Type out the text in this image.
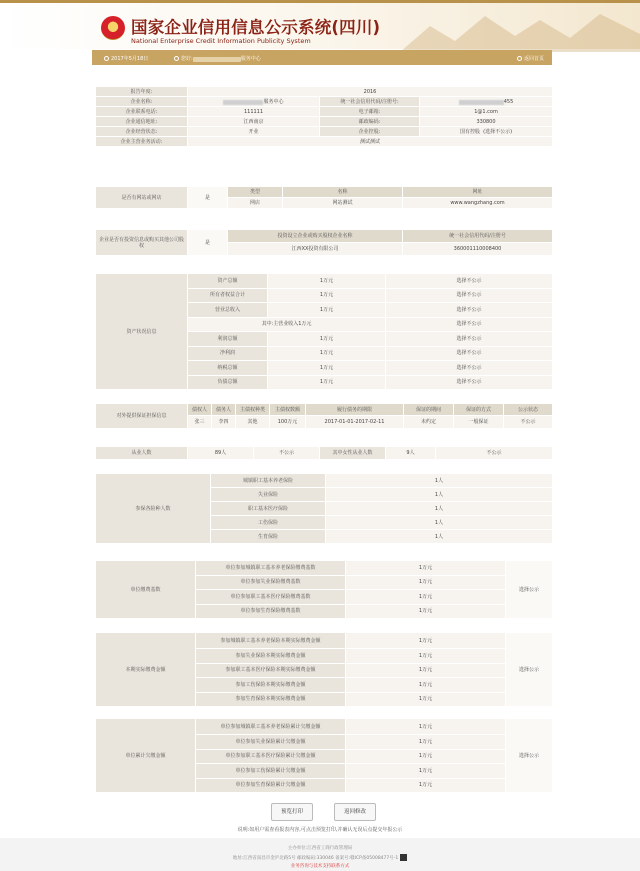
国家企业信用信息公示系统(四川)
National Enterprise Credit Information Publicity System
2017年5月18日	您好:	服务中心	返回首页
报告年度:	2016		
企业名称:	服务中心	统一社会信用代码/注册号:	455
企业联系电话:	111111	电子邮箱:	1@1.com
企业通信地址:	江西南京	邮政编码:	330800
企业经营状态:	开业	企业控股:	国有控股 (选择不公示)
企业主营业务活动:	测试测试		
是否有网站或网店	是	类型	名称	网址
		网店	网站测试	www.wangzhang.com
企业是否有投资信息或购买其他公司股权	是	投资设立企业或购买股权企业名称	统一社会信用代码/注册号
		江西XX投资有限公司	360001110008400
资产状况信息	资产总额	1万元	选择不公示
	所有者权益合计	1万元	选择不公示
	营业总收入	1万元	选择不公示
	其中:主营业收入1万元		选择不公示
	利润总额	1万元	选择不公示
	净利润	1万元	选择不公示
	纳税总额	1万元	选择不公示
	负债总额	1万元	选择不公示
对外提供保证担保信息	债权人	债务人	主债权种类	主债权数额	履行债务的期限	保证的期间	保证的方式	公示状态
	张三	李四	其他	100万元	2017-01-01-2017-02-11	未约定	一般保证	不公示
从业人数	89人	不公示	其中女性从业人数	9人	不公示
参保各险种人数	城镇职工基本养老保险	1人
	失业保险	1人
	职工基本医疗保险	1人
	工伤保险	1人
	生育保险	1人
单位缴费基数	单位参加城镇职工基本养老保险缴费基数	1万元	选择公示
	单位参加失业保险缴费基数	1万元	
	单位参加职工基本医疗保险缴费基数	1万元	
	单位参加生育保险缴费基数	1万元	
本期实际缴费金额	参加城镇职工基本养老保险本期实际缴费金额	1万元	选择公示
	参加失业保险本期实际缴费金额	1万元	
	参加职工基本医疗保险本期实际缴费金额	1万元	
	参加工伤保险本期实际缴费金额	1万元	
	参加生育保险本期实际缴费金额	1万元	
单位累计欠缴金额	单位参加城镇职工基本养老保险累计欠缴金额	1万元	选择公示
	单位参加失业保险累计欠缴金额	1万元	
	单位参加职工基本医疗保险累计欠缴金额	1万元	
	单位参加工伤保险累计欠缴金额	1万元	
	单位参加生育保险累计欠缴金额	1万元	
预览打印	返回修改
说明:如用户需查看报表内容,可点击预览打印,并确认无误后点提交年报公示
主办单位:江西省工商行政管理局
地址:江西省南昌市金庐北路5号 邮政编码:330046 备案号:赣ICP备05008477号-1
业务咨询与技术支持联系方式
